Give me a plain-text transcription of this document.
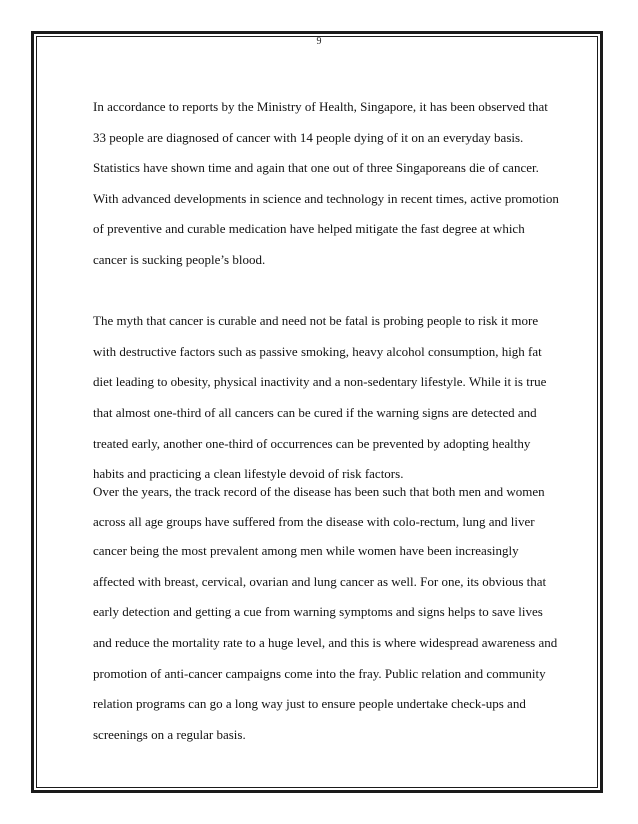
9
In accordance to reports by the Ministry of Health, Singapore, it has been observed that
33 people are diagnosed of cancer with 14 people dying of it on an everyday basis.
Statistics have shown time and again that one out of three Singaporeans die of cancer.
With advanced developments in science and technology in recent times, active promotion
of preventive and curable medication have helped mitigate the fast degree at which
cancer is sucking people’s blood.
The myth that cancer is curable and need not be fatal is probing people to risk it more
with destructive factors such as passive smoking, heavy alcohol consumption, high fat
diet leading to obesity, physical inactivity and a non-sedentary lifestyle. While it is true
that almost one-third of all cancers can be cured if the warning signs are detected and
treated early, another one-third of occurrences can be prevented by adopting healthy
habits and practicing a clean lifestyle devoid of risk factors.
Over the years, the track record of the disease has been such that both men and women
across all age groups have suffered from the disease with colo-rectum, lung and liver
cancer being the most prevalent among men while women have been increasingly
affected with breast, cervical, ovarian and lung cancer as well. For one, its obvious that
early detection and getting a cue from warning symptoms and signs helps to save lives
and reduce the mortality rate to a huge level, and this is where widespread awareness and
promotion of anti-cancer campaigns come into the fray. Public relation and community
relation programs can go a long way just to ensure people undertake check-ups and
screenings on a regular basis.
